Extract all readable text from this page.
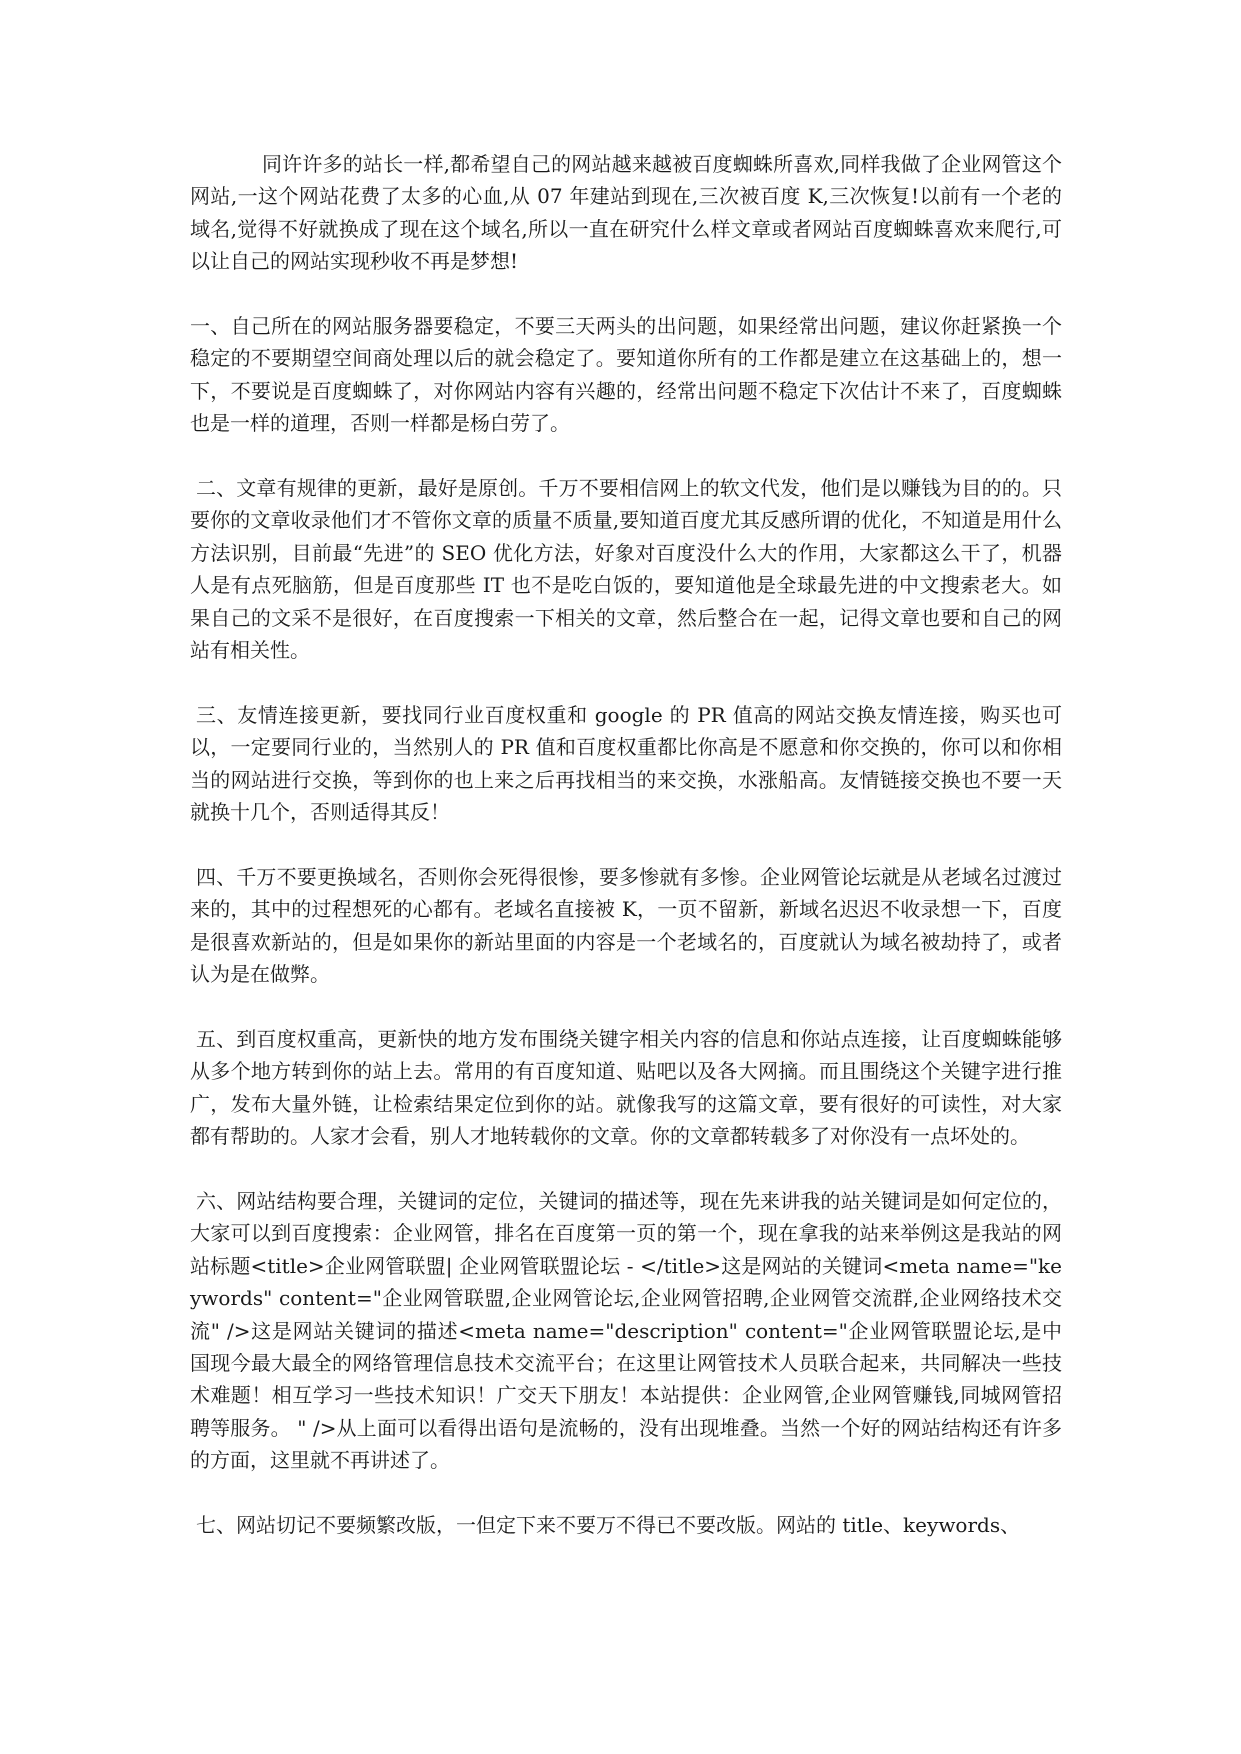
同许许多的站长一样,都希望自己的网站越来越被百度蜘蛛所喜欢,同样我做了企业网管这个网站,一这个网站花费了太多的心血,从 07 年建站到现在,三次被百度 K,三次恢复!以前有一个老的域名,觉得不好就换成了现在这个域名,所以一直在研究什么样文章或者网站百度蜘蛛喜欢来爬行,可以让自己的网站实现秒收不再是梦想!

一、自己所在的网站服务器要稳定，不要三天两头的出问题，如果经常出问题，建议你赶紧换一个稳定的不要期望空间商处理以后的就会稳定了。要知道你所有的工作都是建立在这基础上的，想一下，不要说是百度蜘蛛了，对你网站内容有兴趣的，经常出问题不稳定下次估计不来了，百度蜘蛛也是一样的道理，否则一样都是杨白劳了。

二、文章有规律的更新，最好是原创。千万不要相信网上的软文代发，他们是以赚钱为目的的。只要你的文章收录他们才不管你文章的质量不质量,要知道百度尤其反感所谓的优化，不知道是用什么方法识别，目前最“先进”的 SEO 优化方法，好象对百度没什么大的作用，大家都这么干了，机器人是有点死脑筋，但是百度那些 IT 也不是吃白饭的，要知道他是全球最先进的中文搜索老大。如果自己的文采不是很好，在百度搜索一下相关的文章，然后整合在一起，记得文章也要和自己的网站有相关性。

三、友情连接更新，要找同行业百度权重和 google 的 PR 值高的网站交换友情连接，购买也可以，一定要同行业的，当然别人的 PR 值和百度权重都比你高是不愿意和你交换的，你可以和你相当的网站进行交换，等到你的也上来之后再找相当的来交换，水涨船高。友情链接交换也不要一天就换十几个，否则适得其反！

四、千万不要更换域名，否则你会死得很惨，要多惨就有多惨。企业网管论坛就是从老域名过渡过来的，其中的过程想死的心都有。老域名直接被 K，一页不留新，新域名迟迟不收录想一下，百度是很喜欢新站的，但是如果你的新站里面的内容是一个老域名的，百度就认为域名被劫持了，或者认为是在做弊。

五、到百度权重高，更新快的地方发布围绕关键字相关内容的信息和你站点连接，让百度蜘蛛能够从多个地方转到你的站上去。常用的有百度知道、贴吧以及各大网摘。而且围绕这个关键字进行推广，发布大量外链，让检索结果定位到你的站。就像我写的这篇文章，要有很好的可读性，对大家都有帮助的。人家才会看，别人才地转载你的文章。你的文章都转载多了对你没有一点坏处的。

六、网站结构要合理，关键词的定位，关键词的描述等，现在先来讲我的站关键词是如何定位的，大家可以到百度搜索：企业网管，排名在百度第一页的第一个，现在拿我的站来举例这是我站的网站标题<title>企业网管联盟| 企业网管联盟论坛 - </title>这是网站的关键词<meta name="keywords" content="企业网管联盟,企业网管论坛,企业网管招聘,企业网管交流群,企业网络技术交流" />这是网站关键词的描述<meta name="description" content="企业网管联盟论坛,是中国现今最大最全的网络管理信息技术交流平台；在这里让网管技术人员联合起来，共同解决一些技术难题！相互学习一些技术知识！广交天下朋友！本站提供：企业网管,企业网管赚钱,同城网管招聘等服务。 " />从上面可以看得出语句是流畅的，没有出现堆叠。当然一个好的网站结构还有许多的方面，这里就不再讲述了。

七、网站切记不要频繁改版，一但定下来不要万不得已不要改版。网站的 title、keywords、
